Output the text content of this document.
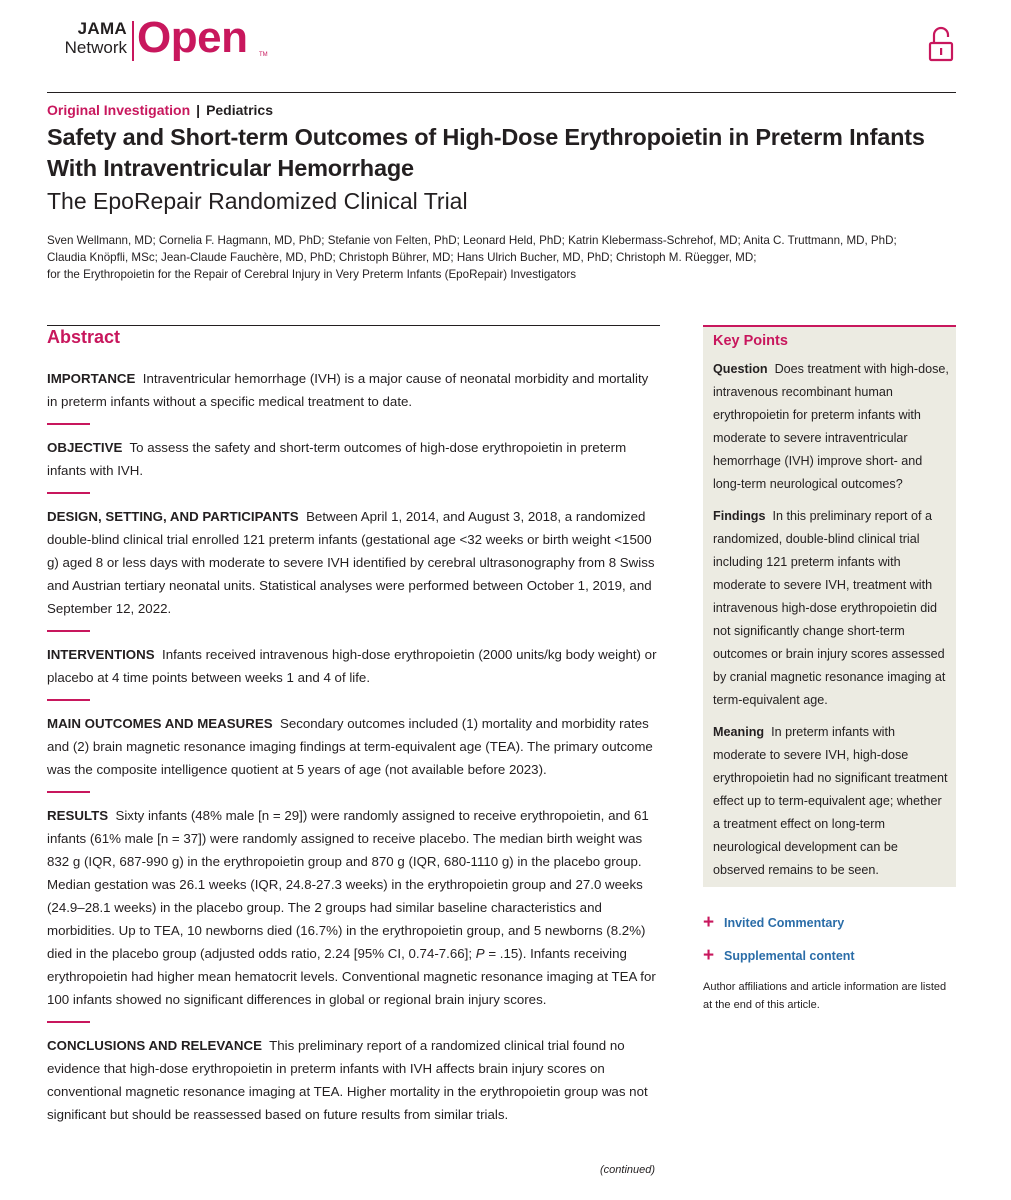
JAMA
Network Open TM
Original Investigation | Pediatrics
Safety and Short-term Outcomes of High-Dose Erythropoietin in Preterm Infants With Intraventricular Hemorrhage
The EpoRepair Randomized Clinical Trial
Sven Wellmann, MD; Cornelia F. Hagmann, MD, PhD; Stefanie von Felten, PhD; Leonard Held, PhD; Katrin Klebermass-Schrehof, MD; Anita C. Truttmann, MD, PhD;
Claudia Knöpfli, MSc; Jean-Claude Fauchère, MD, PhD; Christoph Bührer, MD; Hans Ulrich Bucher, MD, PhD; Christoph M. Rüegger, MD;
for the Erythropoietin for the Repair of Cerebral Injury in Very Preterm Infants (EpoRepair) Investigators
Abstract

IMPORTANCE Intraventricular hemorrhage (IVH) is a major cause of neonatal morbidity and mortality in preterm infants without a specific medical treatment to date.

OBJECTIVE To assess the safety and short-term outcomes of high-dose erythropoietin in preterm infants with IVH.

DESIGN, SETTING, AND PARTICIPANTS Between April 1, 2014, and August 3, 2018, a randomized double-blind clinical trial enrolled 121 preterm infants (gestational age <32 weeks or birth weight <1500 g) aged 8 or less days with moderate to severe IVH identified by cerebral ultrasonography from 8 Swiss and Austrian tertiary neonatal units. Statistical analyses were performed between October 1, 2019, and September 12, 2022.

INTERVENTIONS Infants received intravenous high-dose erythropoietin (2000 units/kg body weight) or placebo at 4 time points between weeks 1 and 4 of life.

MAIN OUTCOMES AND MEASURES Secondary outcomes included (1) mortality and morbidity rates and (2) brain magnetic resonance imaging findings at term-equivalent age (TEA). The primary outcome was the composite intelligence quotient at 5 years of age (not available before 2023).

RESULTS Sixty infants (48% male [n = 29]) were randomly assigned to receive erythropoietin, and 61 infants (61% male [n = 37]) were randomly assigned to receive placebo. The median birth weight was 832 g (IQR, 687-990 g) in the erythropoietin group and 870 g (IQR, 680-1110 g) in the placebo group. Median gestation was 26.1 weeks (IQR, 24.8-27.3 weeks) in the erythropoietin group and 27.0 weeks (24.9–28.1 weeks) in the placebo group. The 2 groups had similar baseline characteristics and morbidities. Up to TEA, 10 newborns died (16.7%) in the erythropoietin group, and 5 newborns (8.2%) died in the placebo group (adjusted odds ratio, 2.24 [95% CI, 0.74-7.66]; P = .15). Infants receiving erythropoietin had higher mean hematocrit levels. Conventional magnetic resonance imaging at TEA for 100 infants showed no significant differences in global or regional brain injury scores.

CONCLUSIONS AND RELEVANCE This preliminary report of a randomized clinical trial found no evidence that high-dose erythropoietin in preterm infants with IVH affects brain injury scores on conventional magnetic resonance imaging at TEA. Higher mortality in the erythropoietin group was not significant but should be reassessed based on future results from similar trials.

(continued)
Key Points

Question Does treatment with high-dose, intravenous recombinant human erythropoietin for preterm infants with moderate to severe intraventricular hemorrhage (IVH) improve short- and long-term neurological outcomes?

Findings In this preliminary report of a randomized, double-blind clinical trial including 121 preterm infants with moderate to severe IVH, treatment with intravenous high-dose erythropoietin did not significantly change short-term outcomes or brain injury scores assessed by cranial magnetic resonance imaging at term-equivalent age.

Meaning In preterm infants with moderate to severe IVH, high-dose erythropoietin had no significant treatment effect up to term-equivalent age; whether a treatment effect on long-term neurological development can be observed remains to be seen.

+ Invited Commentary
+ Supplemental content
Author affiliations and article information are listed at the end of this article.
